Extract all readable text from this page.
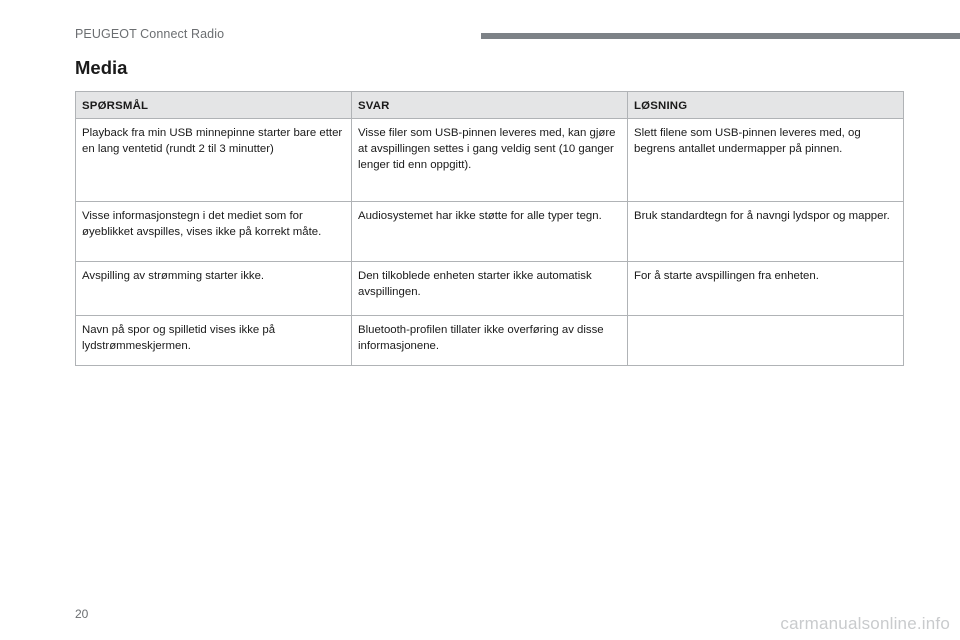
PEUGEOT Connect Radio
Media
SPØRSMÅL	SVAR	LØSNING
Playback fra min USB minnepinne starter bare etter en lang ventetid (rundt 2 til 3 minutter)	Visse filer som USB-pinnen leveres med, kan gjøre at avspillingen settes i gang veldig sent (10 ganger lenger tid enn oppgitt).	Slett filene som USB-pinnen leveres med, og begrens antallet undermapper på pinnen.
Visse informasjonstegn i det mediet som for øyeblikket avspilles, vises ikke på korrekt måte.	Audiosystemet har ikke støtte for alle typer tegn.	Bruk standardtegn for å navngi lydspor og mapper.
Avspilling av strømming starter ikke.	Den tilkoblede enheten starter ikke automatisk avspillingen.	For å starte avspillingen fra enheten.
Navn på spor og spilletid vises ikke på lydstrømmeskjermen.	Bluetooth-profilen tillater ikke overføring av disse informasjonene.	
20	carmanualsonline.info
